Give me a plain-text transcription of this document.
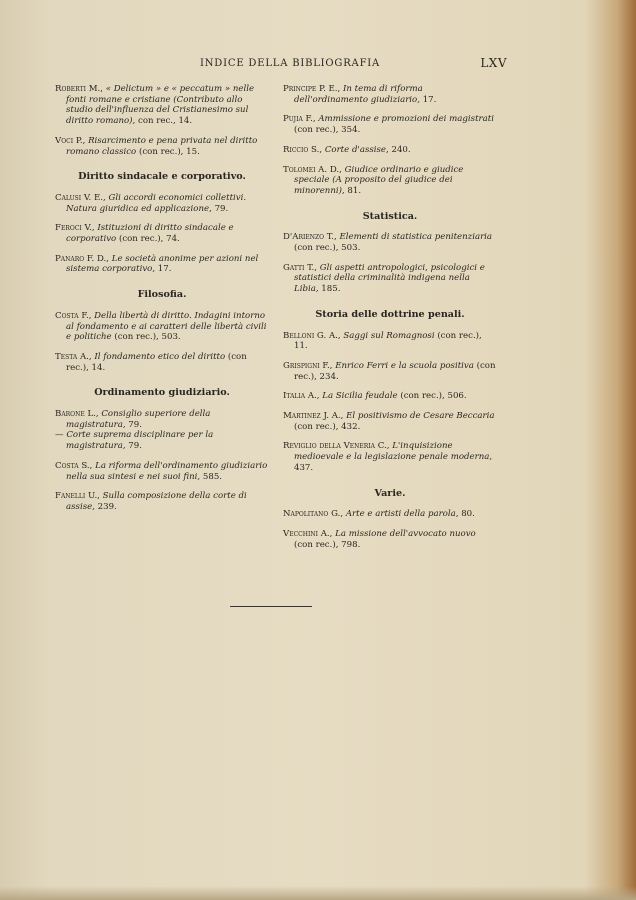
INDICE DELLA BIBLIOGRAFIA	LXV

Roberti M., « Delictum » e « peccatum » nelle fonti romane e cristiane (Contributo allo studio dell'influenza del Cristianesimo sul diritto romano), con rec., 14.

Voci P., Risarcimento e pena privata nel diritto romano classico (con rec.), 15.

Diritto sindacale e corporativo.

Calusi V. E., Gli accordi economici collettivi. Natura giuridica ed applicazione, 79.

Feroci V., Istituzioni di diritto sindacale e corporativo (con rec.), 74.

Panaro F. D., Le società anonime per azioni nel sistema corporativo, 17.

Filosofia.

Costa F., Della libertà di diritto. Indagini intorno al fondamento e ai caratteri delle libertà civili e politiche (con rec.), 503.

Testa A., Il fondamento etico del diritto (con rec.), 14.

Ordinamento giudiziario.

Barone L., Consiglio superiore della magistratura, 79.

— Corte suprema disciplinare per la magistratura, 79.

Costa S., La riforma dell'ordinamento giudiziario nella sua sintesi e nei suoi fini, 585.

Fanelli U., Sulla composizione della corte di assise, 239.

Principe P. E., In tema di riforma dell'ordinamento giudiziario, 17.

Pujia F., Ammissione e promozioni dei magistrati (con rec.), 354.

Riccio S., Corte d'assise, 240.

Tolomei A. D., Giudice ordinario e giudice speciale (A proposito del giudice dei minorenni), 81.

Statistica.

D'Arienzo T., Elementi di statistica penitenziaria (con rec.), 503.

Gatti T., Gli aspetti antropologici, psicologici e statistici della criminalità indigena nella Libia, 185.

Storia delle dottrine penali.

Belloni G. A., Saggi sul Romagnosi (con rec.), 11.

Grispigni F., Enrico Ferri e la scuola positiva (con rec.), 234.

Italia A., La Sicilia feudale (con rec.), 506.

Martinez J. A., El positivismo de Cesare Beccaria (con rec.), 432.

Reviglio della Veneria C., L'inquisizione medioevale e la legislazione penale moderna, 437.

Varie.

Napolitano G., Arte e artisti della parola, 80.

Vecchini A., La missione dell'avvocato nuovo (con rec.), 798.
